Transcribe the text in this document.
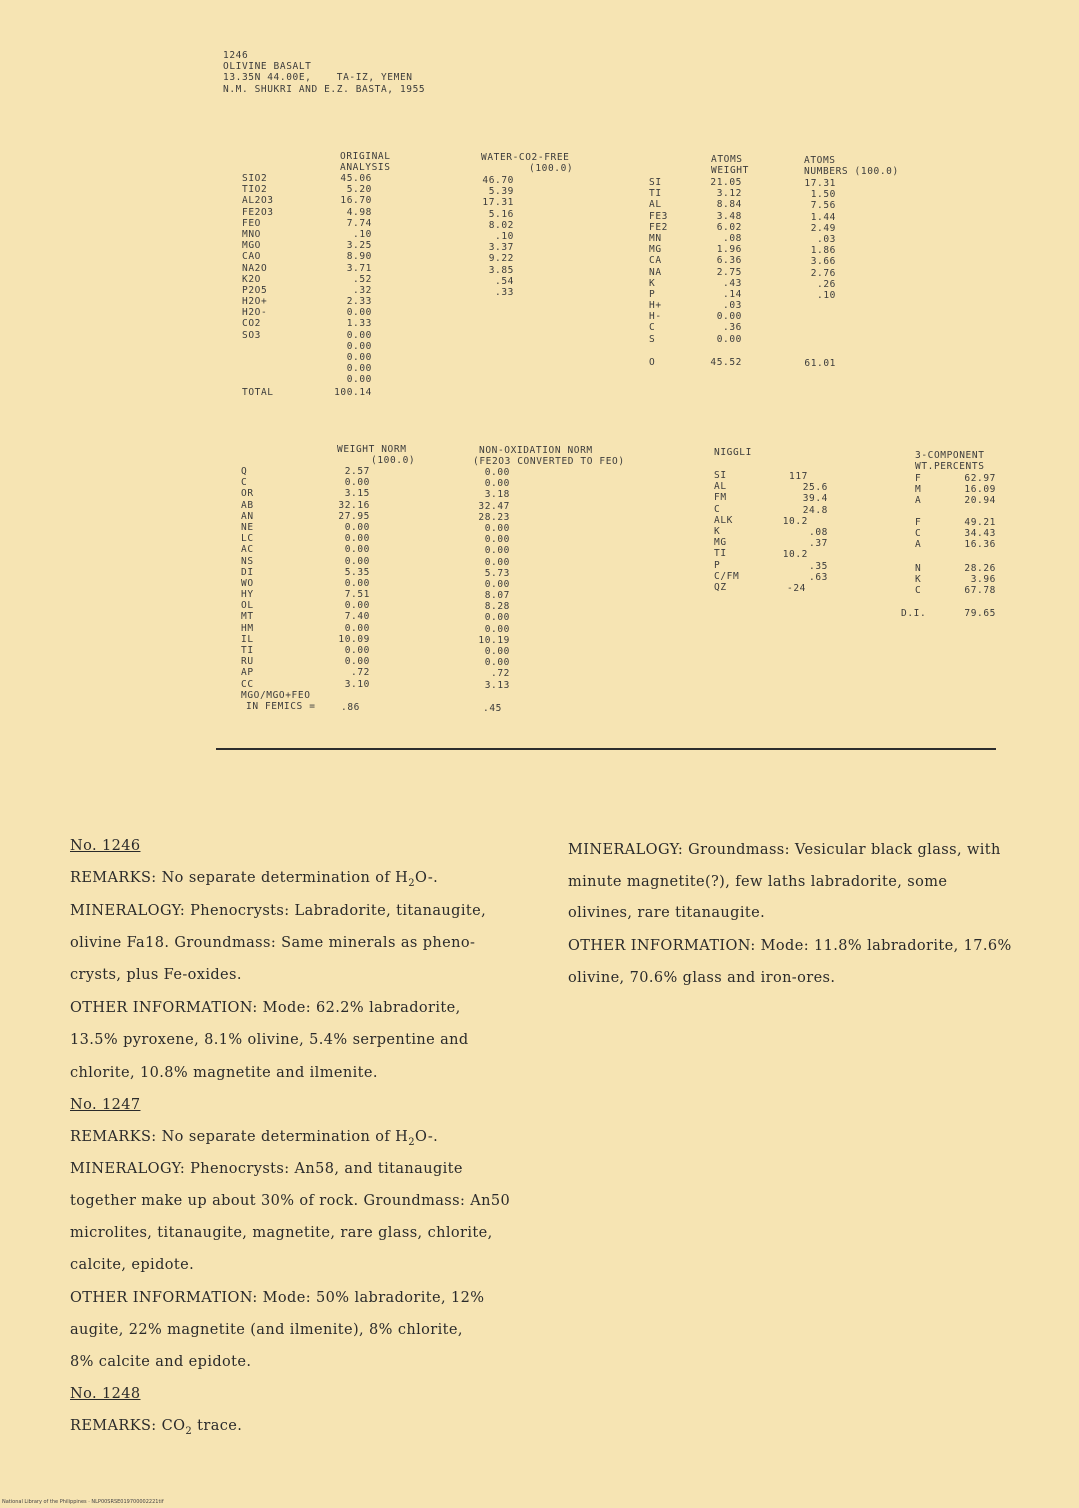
1246
OLIVINE BASALT
13.35N 44.00E,    TA-IZ, YEMEN
N.M. SHUKRI AND E.Z. BASTA, 1955
SIO2
TIO2
AL2O3
FE2O3
FEO
MNO
MGO
CAO
NA2O
K2O
P2O5
H2O+
H2O-
CO2
SO3
TOTAL
ORIGINAL
ANALYSIS
45.06
5.20
16.70
4.98
7.74
.10
3.25
8.90
3.71
.52
.32
2.33
0.00
1.33
0.00
0.00
0.00
0.00
0.00
100.14
WATER-CO2-FREE
(100.0)
46.70
5.39
17.31
5.16
8.02
.10
3.37
9.22
3.85
.54
.33
SI
TI
AL
FE3
FE2
MN
MG
CA
NA
K
P
H+
H-
C
S
O
ATOMS
WEIGHT
21.05
3.12
8.84
3.48
6.02
.08
1.96
6.36
2.75
.43
.14
.03
0.00
.36
0.00
45.52
ATOMS
NUMBERS (100.0)
17.31
1.50
7.56
1.44
2.49
.03
1.86
3.66
2.76
.26
.10
61.01
Q
C
OR
AB
AN
NE
LC
AC
NS
DI
WO
HY
OL
MT
HM
IL
TI
RU
AP
CC
MGO/MGO+FEO
IN FEMICS =
WEIGHT NORM
(100.0)
2.57
0.00
3.15
32.16
27.95
0.00
0.00
0.00
0.00
5.35
0.00
7.51
0.00
7.40
0.00
10.09
0.00
0.00
.72
3.10
.86
NON-OXIDATION NORM
(FE2O3 CONVERTED TO FEO)
0.00
0.00
3.18
32.47
28.23
0.00
0.00
0.00
0.00
5.73
0.00
8.07
8.28
0.00
0.00
10.19
0.00
0.00
.72
3.13
.45
NIGGLI
SI
AL
FM
C
ALK
K
MG
TI
P
C/FM
QZ
117
25.6
39.4
24.8
10.2
.08
.37
10.2
.35
.63
-24
3-COMPONENT
WT.PERCENTS
F
M
A
62.97
16.09
20.94
F
C
A
49.21
34.43
16.36
N
K
C
28.26
3.96
67.78
D.I.	79.65
No. 1246
REMARKS: No separate determination of $H_2O-$.
MINERALOGY: Phenocrysts: Labradorite, titanaugite,
olivine Fa18. Groundmass: Same minerals as pheno-
crysts, plus Fe-oxides.
OTHER INFORMATION: Mode: 62.2% labradorite,
13.5% pyroxene, 8.1% olivine, 5.4% serpentine and
chlorite, 10.8% magnetite and ilmenite.
No. 1247
REMARKS: No separate determination of $H_2O-$.
MINERALOGY: Phenocrysts: An58, and titanaugite
together make up about 30% of rock. Groundmass: An50
microlites, titanaugite, magnetite, rare glass, chlorite,
calcite, epidote.
OTHER INFORMATION: Mode: 50% labradorite, 12%
augite, 22% magnetite (and ilmenite), 8% chlorite,
8% calcite and epidote.
No. 1248
REMARKS: $CO_2$ trace.
MINERALOGY: Groundmass: Vesicular black glass, with
minute magnetite(?), few laths labradorite, some
olivines, rare titanaugite.
OTHER INFORMATION: Mode: 11.8% labradorite, 17.6%
olivine, 70.6% glass and iron-ores.
National Library of the Philippines · NLP00SRSE019700002221tif
